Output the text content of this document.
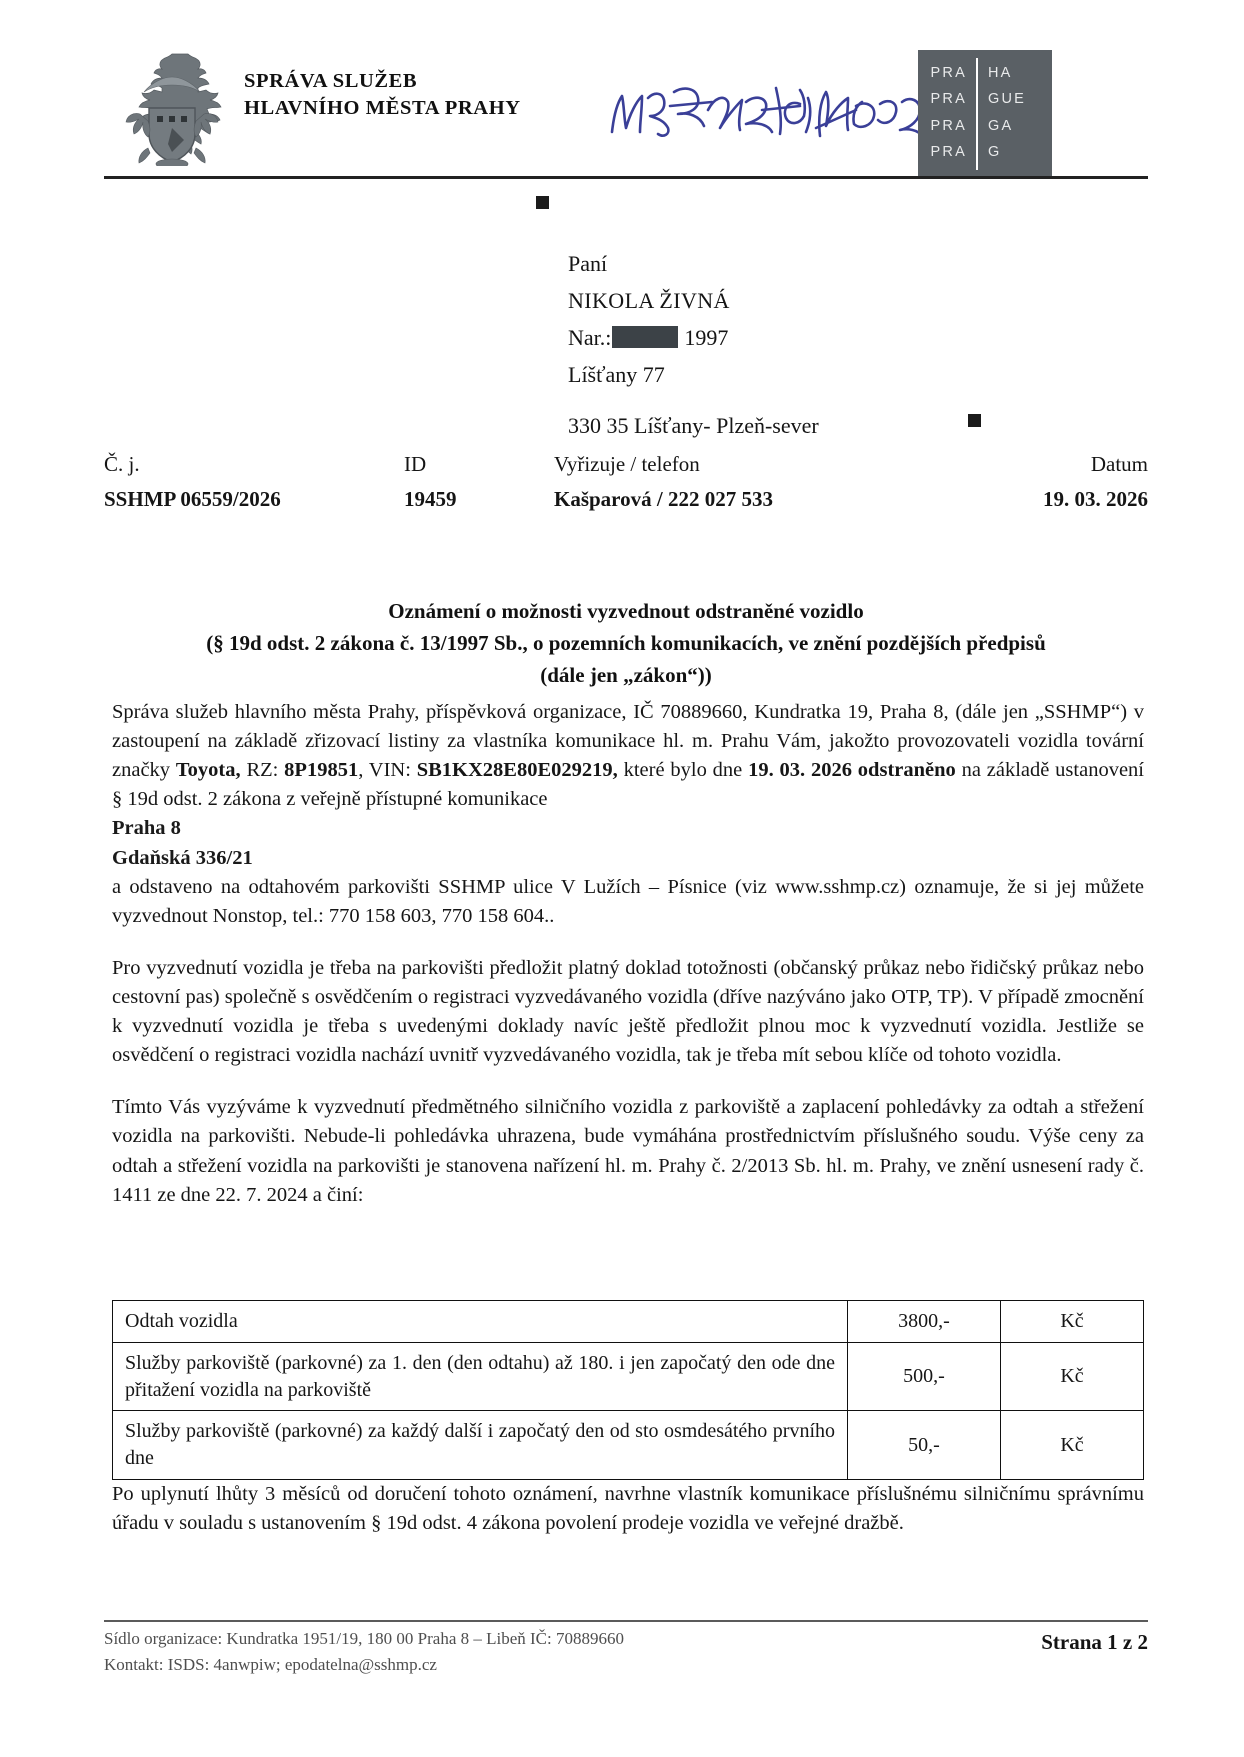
SPRÁVA SLUŽEB
HLAVNÍHO MĚSTA PRAHY
PRA
PRA
PRA
PRA
HA
GUE
GA
G
Paní
NIKOLA ŽIVNÁ
Nar.:	1997
Líšťany 77
330 35 Líšťany- Plzeň-sever
Č. j.	ID	Vyřizuje / telefon	Datum
SSHMP 06559/2026	19459	Kašparová / 222 027 533	19. 03. 2026
Oznámení o možnosti vyzvednout odstraněné vozidlo
(§ 19d odst. 2 zákona č. 13/1997 Sb., o pozemních komunikacích, ve znění pozdějších předpisů
(dále jen „zákon“))

Správa služeb hlavního města Prahy, příspěvková organizace, IČ 70889660, Kundratka 19, Praha 8, (dále jen „SSHMP“) v zastoupení na základě zřizovací listiny za vlastníka komunikace hl. m. Prahu Vám, jakožto provozovateli vozidla tovární značky Toyota, RZ: 8P19851, VIN: SB1KX28E80E029219, které bylo dne 19. 03. 2026 odstraněno na základě ustanovení § 19d odst. 2 zákona z veřejně přístupné komunikace

Praha 8
Gdaňská 336/21

a odstaveno na odtahovém parkovišti SSHMP ulice V Lužích – Písnice (viz www.sshmp.cz) oznamuje, že si jej můžete vyzvednout Nonstop, tel.: 770 158 603, 770 158 604..

Pro vyzvednutí vozidla je třeba na parkovišti předložit platný doklad totožnosti (občanský průkaz nebo řidičský průkaz nebo cestovní pas) společně s osvědčením o registraci vyzvedávaného vozidla (dříve nazýváno jako OTP, TP). V případě zmocnění k vyzvednutí vozidla je třeba s uvedenými doklady navíc ještě předložit plnou moc k vyzvednutí vozidla. Jestliže se osvědčení o registraci vozidla nachází uvnitř vyzvedávaného vozidla, tak je třeba mít sebou klíče od tohoto vozidla.

Tímto Vás vyzýváme k vyzvednutí předmětného silničního vozidla z parkoviště a zaplacení pohledávky za odtah a střežení vozidla na parkovišti. Nebude-li pohledávka uhrazena, bude vymáhána prostřednictvím příslušného soudu. Výše ceny za odtah a střežení vozidla na parkovišti je stanovena nařízení hl. m. Prahy č. 2/2013 Sb. hl. m. Prahy, ve znění usnesení rady č. 1411 ze dne 22. 7. 2024 a činí:

Odtah vozidla	3800,-	Kč
Služby parkoviště (parkovné) za 1. den (den odtahu) až 180. i jen započatý den ode dne přitažení vozidla na parkoviště	500,-	Kč
Služby parkoviště (parkovné) za každý další i započatý den od sto osmdesátého prvního dne	50,-	Kč

Po uplynutí lhůty 3 měsíců od doručení tohoto oznámení, navrhne vlastník komunikace příslušnému silničnímu správnímu úřadu v souladu s ustanovením § 19d odst. 4 zákona povolení prodeje vozidla ve veřejné dražbě.

Sídlo organizace: Kundratka 1951/19, 180 00 Praha 8 – Libeň IČ: 70889660
Kontakt: ISDS: 4anwpiw; epodatelna@sshmp.cz
Strana 1 z 2
